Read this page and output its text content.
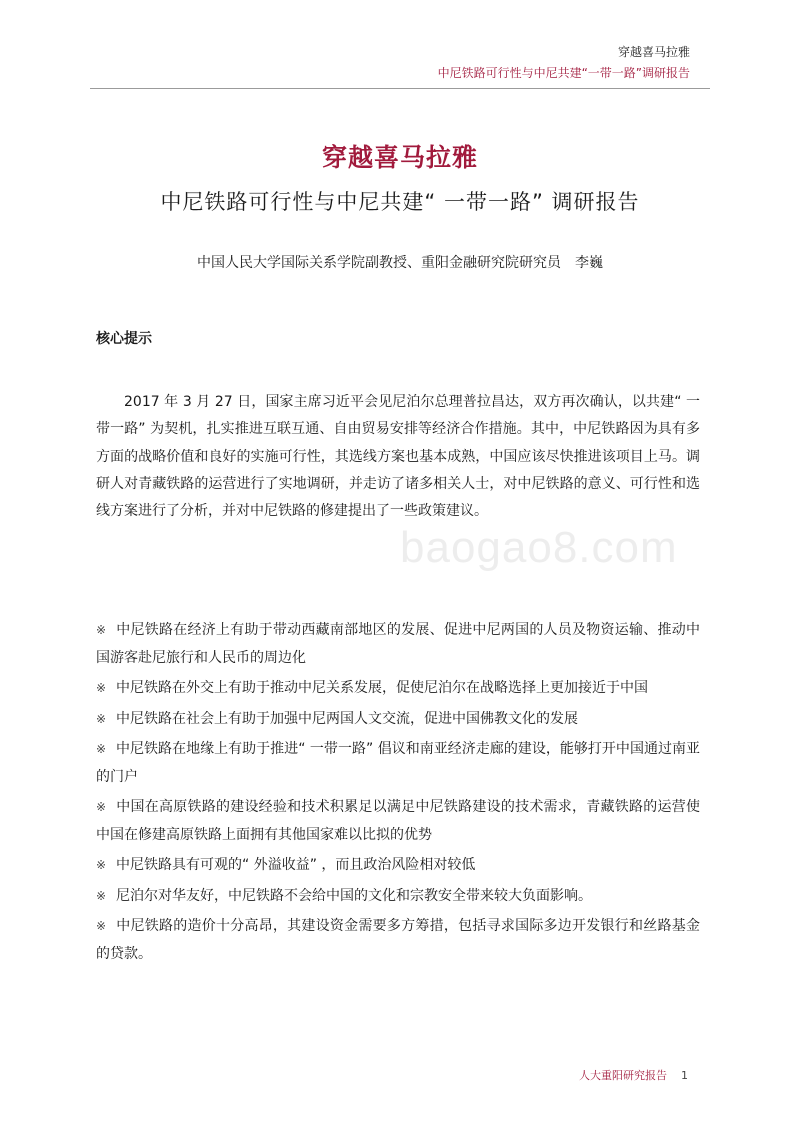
穿越喜马拉雅
中尼铁路可行性与中尼共建“一带一路”调研报告
穿越喜马拉雅
中尼铁路可行性与中尼共建“ 一带一路” 调研报告
中国人民大学国际关系学院副教授、重阳金融研究院研究员　李巍
核心提示

2017 年 3 月 27 日，国家主席习近平会见尼泊尔总理普拉昌达，双方再次确认，以共建“ 一带一路” 为契机，扎实推进互联互通、自由贸易安排等经济合作措施。其中，中尼铁路因为具有多方面的战略价值和良好的实施可行性，其选线方案也基本成熟，中国应该尽快推进该项目上马。调研人对青藏铁路的运营进行了实地调研，并走访了诸多相关人士，对中尼铁路的意义、可行性和选线方案进行了分析，并对中尼铁路的修建提出了一些政策建议。

baogao8.com
※ 中尼铁路在经济上有助于带动西藏南部地区的发展、促进中尼两国的人员及物资运输、推动中国游客赴尼旅行和人民币的周边化
※ 中尼铁路在外交上有助于推动中尼关系发展，促使尼泊尔在战略选择上更加接近于中国
※ 中尼铁路在社会上有助于加强中尼两国人文交流，促进中国佛教文化的发展
※ 中尼铁路在地缘上有助于推进“ 一带一路” 倡议和南亚经济走廊的建设，能够打开中国通过南亚的门户
※ 中国在高原铁路的建设经验和技术积累足以满足中尼铁路建设的技术需求，青藏铁路的运营使中国在修建高原铁路上面拥有其他国家难以比拟的优势
※ 中尼铁路具有可观的“ 外溢收益” ，而且政治风险相对较低
※ 尼泊尔对华友好，中尼铁路不会给中国的文化和宗教安全带来较大负面影响。
※ 中尼铁路的造价十分高昂，其建设资金需要多方筹措，包括寻求国际多边开发银行和丝路基金的贷款。
人大重阳研究报告 1
